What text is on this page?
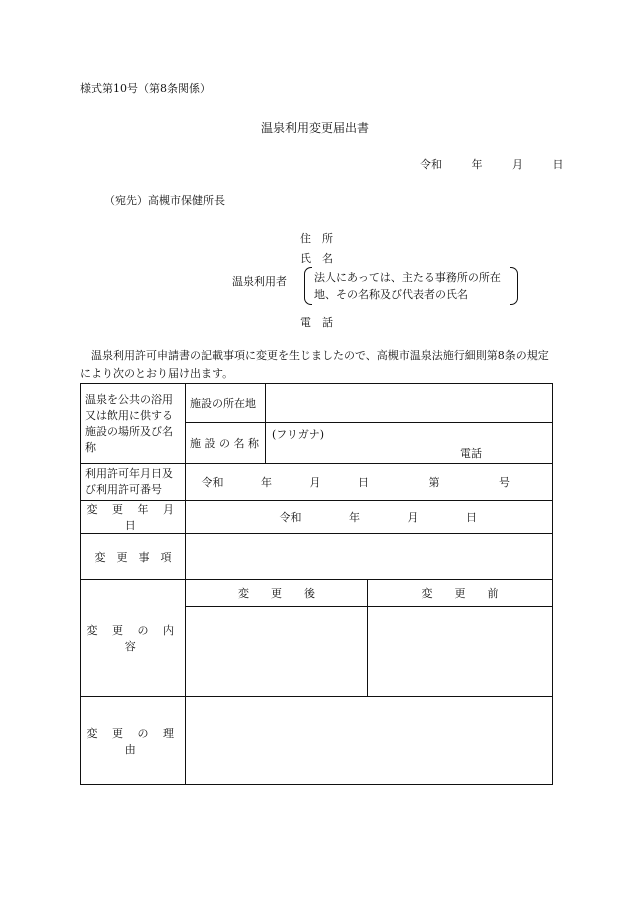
様式第10号（第8条関係）
温泉利用変更届出書
令和	年	月	日
（宛先）高槻市保健所長
住　所
氏　名
温泉利用者 法人にあっては、主たる事務所の所在地、その名称及び代表者の氏名
電　話
温泉利用許可申請書の記載事項に変更を生じましたので、高槻市温泉法施行細則第8条の規定により次のとおり届け出ます。
温泉を公共の浴用又は飲用に供する施設の場所及び名称	施設の所在地		
	施 設 の 名 称	(フリガナ)
電話	

利用許可年月日及び利用許可番号	令和 年 月 日 第 号		
変 更 年 月 日	令和 年 月 日		
変　更　事　項			
変 更 の 内 容	変　　更　　後		変　　更　　前

変 更 の 理 由			
